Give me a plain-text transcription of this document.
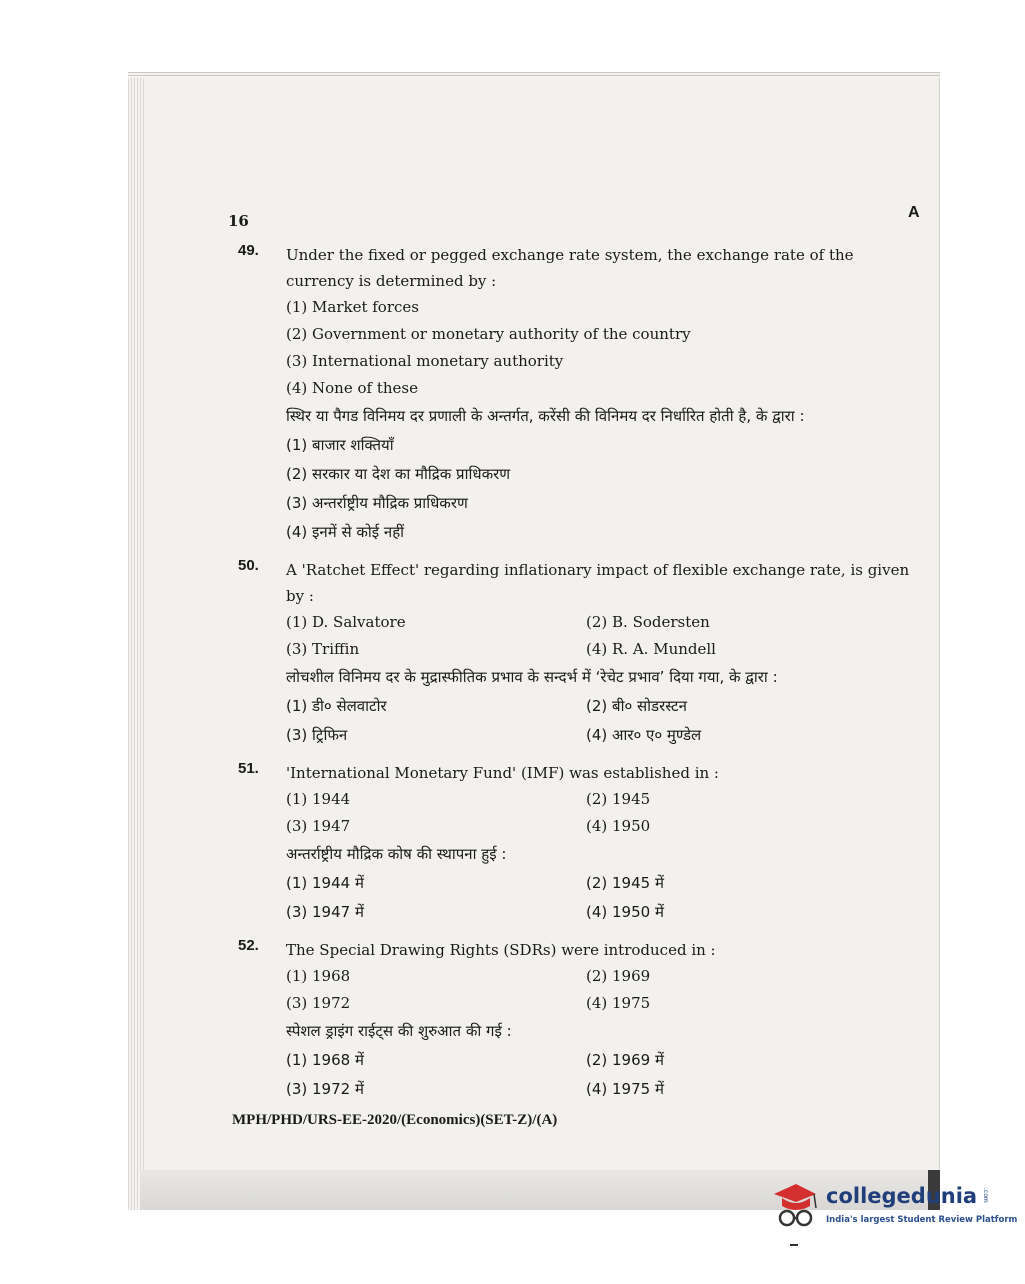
16	A
49. Under the fixed or pegged exchange rate system, the exchange rate of the currency is determined by :

(1) Market forces
(2) Government or monetary authority of the country
(3) International monetary authority
(4) None of these

स्थिर या पैगड विनिमय दर प्रणाली के अन्तर्गत, करेंसी की विनिमय दर निर्धारित होती है, के द्वारा :

(1) बाजार शक्तियाँ
(2) सरकार या देश का मौद्रिक प्राधिकरण
(3) अन्तर्राष्ट्रीय मौद्रिक प्राधिकरण
(4) इनमें से कोई नहीं
50. A 'Ratchet Effect' regarding inflationary impact of flexible exchange rate, is given by :

(1) D. Salvatore	(2) B. Sodersten
(3) Triffin	(4) R. A. Mundell

लोचशील विनिमय दर के मुद्रास्फीतिक प्रभाव के सन्दर्भ में ‘रेचेट प्रभाव’ दिया गया, के द्वारा :

(1) डी० सेलवाटोर	(2) बी० सोडरस्टन
(3) ट्रिफिन	(4) आर० ए० मुण्डेल
51. 'International Monetary Fund' (IMF) was established in :

(1) 1944	(2) 1945
(3) 1947	(4) 1950

अन्तर्राष्ट्रीय मौद्रिक कोष की स्थापना हुई :

(1) 1944 में	(2) 1945 में
(3) 1947 में	(4) 1950 में
52. The Special Drawing Rights (SDRs) were introduced in :

(1) 1968	(2) 1969
(3) 1972	(4) 1975

स्पेशल ड्राइंग राईट्स की शुरुआत की गई :

(1) 1968 में	(2) 1969 में
(3) 1972 में	(4) 1975 में
MPH/PHD/URS-EE-2020/(Economics)(SET-Z)/(A)
collegedunia .com
India's largest Student Review Platform
